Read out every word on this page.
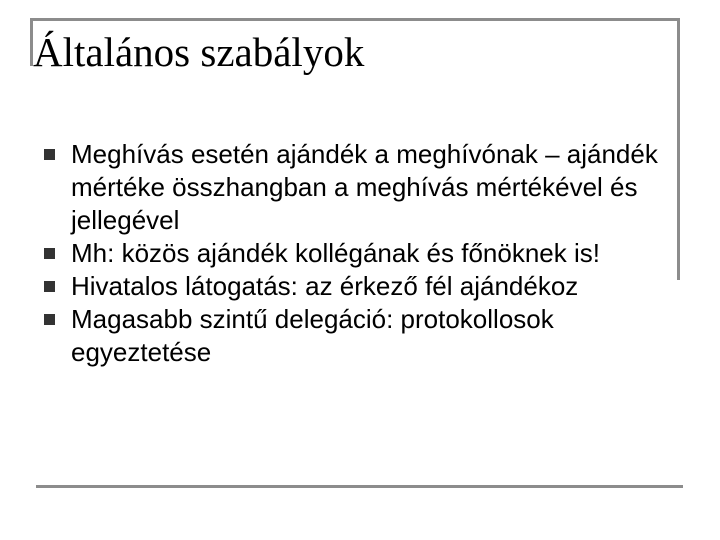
Általános szabályok
Meghívás esetén ajándék a meghívónak – ajándék mértéke összhangban a meghívás mértékével és jellegével
Mh: közös ajándék kollégának és főnöknek is!
Hivatalos látogatás: az érkező fél ajándékoz
Magasabb szintű delegáció: protokollosok egyeztetése
